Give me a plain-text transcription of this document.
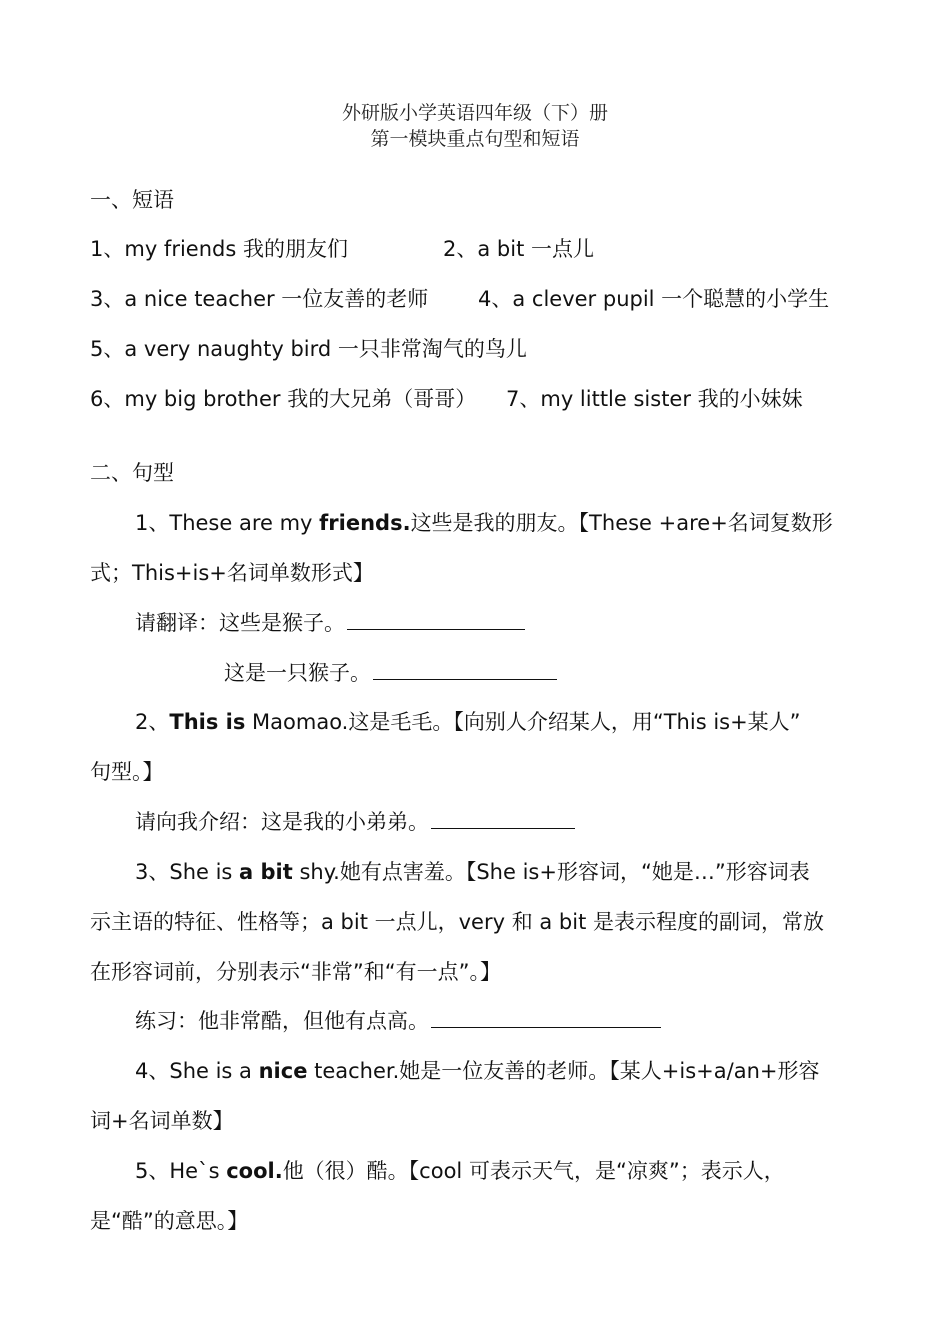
外研版小学英语四年级（下）册
第一模块重点句型和短语
一、短语
1、my friends 我的朋友们	2、a bit 一点儿
3、a nice teacher 一位友善的老师 4、a clever pupil 一个聪慧的小学生
5、a very naughty bird 一只非常淘气的鸟儿
6、my big brother 我的大兄弟（哥哥） 7、my little sister 我的小妹妹
二、句型
1、These are my friends.这些是我的朋友。【These +are+名词复数形
式；This+is+名词单数形式】
请翻译：这些是猴子。
这是一只猴子。
2、This is Maomao.这是毛毛。【向别人介绍某人，用“This is+某人”
句型。】
请向我介绍：这是我的小弟弟。
3、She is a bit shy.她有点害羞。【She is+形容词，“她是…”形容词表
示主语的特征、性格等；a bit 一点儿，very 和 a bit 是表示程度的副词，常放
在形容词前，分别表示“非常”和“有一点”。】
练习：他非常酷，但他有点高。
4、She is a nice teacher.她是一位友善的老师。【某人+is+a/an+形容
词+名词单数】
5、He`s cool.他（很）酷。【cool 可表示天气，是“凉爽”；表示人，
是“酷”的意思。】
